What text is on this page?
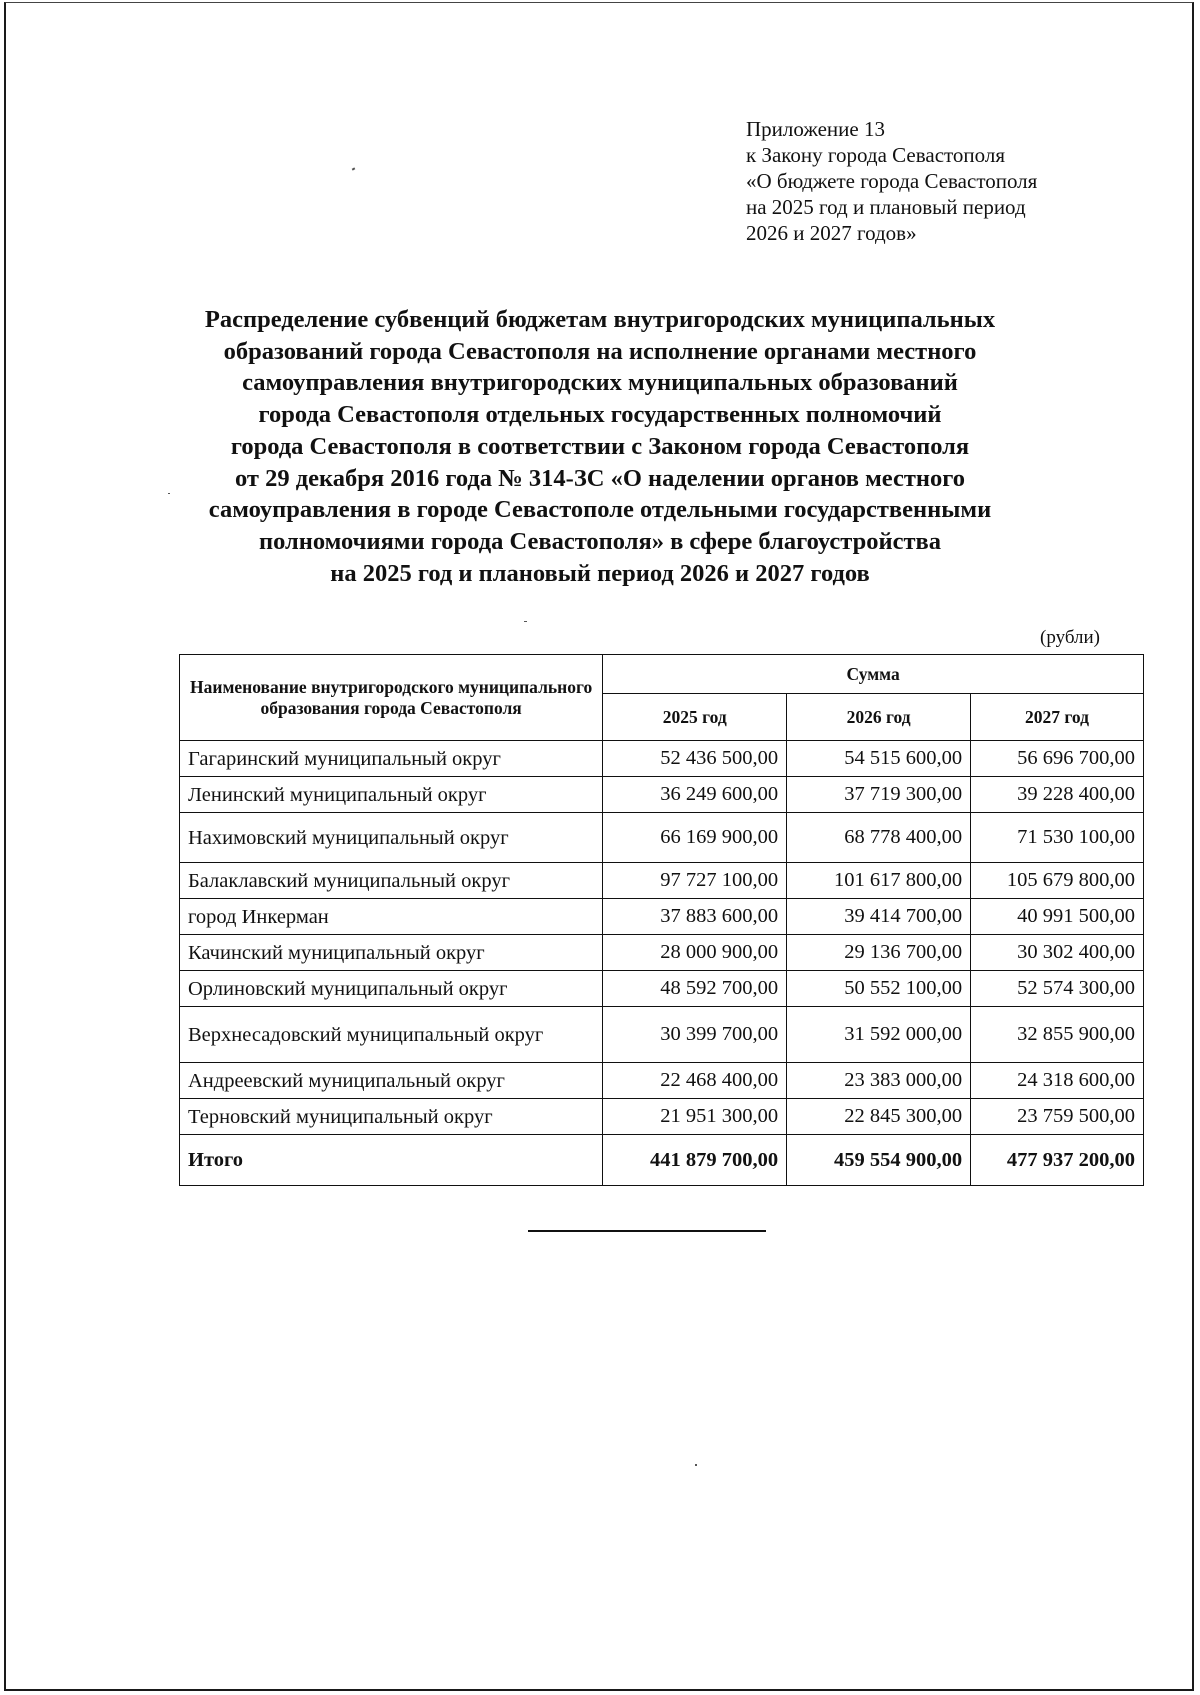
Приложение 13
к Закону города Севастополя
«О бюджете города Севастополя
на 2025 год и плановый период
2026 и 2027 годов»
Распределение субвенций бюджетам внутригородских муниципальных
образований города Севастополя на исполнение органами местного
самоуправления внутригородских муниципальных образований
города Севастополя отдельных государственных полномочий
города Севастополя в соответствии с Законом города Севастополя
от 29 декабря 2016 года № 314-ЗС «О наделении органов местного
самоуправления в городе Севастополе отдельными государственными
полномочиями города Севастополя» в сфере благоустройства
на 2025 год и плановый период 2026 и 2027 годов
(рубли)
Наименование внутригородского муниципального образования города Севастополя	Сумма		
	2025 год	2026 год	2027 год
Гагаринский муниципальный округ	52 436 500,00	54 515 600,00	56 696 700,00
Ленинский муниципальный округ	36 249 600,00	37 719 300,00	39 228 400,00
Нахимовский муниципальный округ	66 169 900,00	68 778 400,00	71 530 100,00
Балаклавский муниципальный округ	97 727 100,00	101 617 800,00	105 679 800,00
город Инкерман	37 883 600,00	39 414 700,00	40 991 500,00
Качинский муниципальный округ	28 000 900,00	29 136 700,00	30 302 400,00
Орлиновский муниципальный округ	48 592 700,00	50 552 100,00	52 574 300,00
Верхнесадовский муниципальный округ	30 399 700,00	31 592 000,00	32 855 900,00
Андреевский муниципальный округ	22 468 400,00	23 383 000,00	24 318 600,00
Терновский муниципальный округ	21 951 300,00	22 845 300,00	23 759 500,00
Итого	441 879 700,00	459 554 900,00	477 937 200,00
